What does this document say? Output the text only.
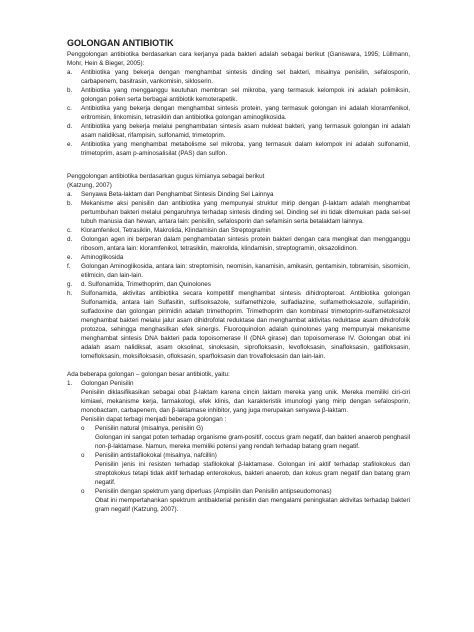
GOLONGAN ANTIBIOTIK

Penggolongan antibiotika berdasarkan cara kerjanya pada bakteri adalah sebagai berikut (Ganiswara, 1995; Lüllmann, Mohr, Hein & Bieger, 2005):

a.	Antibiotika yang bekerja dengan menghambat sintesis dinding sel bakteri, misalnya penisilin, sefalosporin, carbapenem, basitrasin, vankomisin, sikloserin.
b.	Antibiotika yang mengganggu keutuhan membran sel mikroba, yang termasuk kelompok ini adalah polimiksin, golongan polien serta berbagai antibiotik kemoterapetik.
c.	Antibiotika yang bekerja dengan menghambat sintesis protein, yang termasuk golongan ini adalah kloramfenikol, eritromisin, linkomisin, tetrasiklin dan antibiotika golongan aminoglikosida.
d.	Antibiotika yang bekerja melalui penghambatan sintesis asam nukleat bakteri, yang termasuk golongan ini adalah asam nalidiksat, rifampisin, sulfonamid, trimetoprim.
e.	Antibiotika yang menghambat metabolisme sel mikroba, yang termasuk dalam kelompok ini adalah sulfonamid, trimetoprim, asam p-aminosalisilat (PAS) dan sulfon.

Penggolongan antibiotika berdasarkan gugus kimianya sebagai berikut

(Katzung, 2007)

a.	Senyawa Beta-laktam dan Penghambat Sintesis Dinding Sel Lainnya
b.	Mekanisme aksi penisilin dan antibiotika yang mempunyai struktur mirip dengan β-laktam adalah menghambat pertumbuhan bakteri melalui pengaruhnya terhadap sintesis dinding sel. Dinding sel ini tidak ditemukan pada sel-sel tubuh manusia dan hewan, antara lain: penisilin, sefalosporin dan sefamisin serta betalaktam lainnya.
c.	Kloramfenikol, Tetrasiklin, Makrolida, Klindamisin dan Streptogramin
d.	Golongan agen ini berperan dalam penghambatan sintesis protein bakteri dengan cara mengikat dan mengganggu ribosom, antara lain: kloramfenikol, tetrasiklin, makrolida, klindamisin, streptogramin, oksazolidinon.
e.	Aminoglikosida
f.	Golongan Aminoglikosida, antara lain: streptomisin, neomisin, kanamisin, amikasin, gentamisin, tobramisin, sisomicin, etilmicin, dan lain-lain.
g.	d. Sulfonamida, Trimethoprim, dan Quinolones
h.	Sulfonamida, aktivitas antibiotika secara kompetitif menghambat sintesis dihidropteroat. Antibiotika golongan Sulfonamida, antara lain Sulfasitin, sulfisoksazole, sulfamethizole, sulfadiazine, sulfamethoksazole, sulfapiridin, sulfadoxine dan golongan pirimidin adalah trimethoprim. Trimethoprim dan kombinasi trimetoprim-sulfametoksazol menghambat bakteri melalui jalur asam dihidrofolat reduktase dan menghambat aktivitas reduktase asam dihidrofolik protozoa, sehingga menghasilkan efek sinergis. Fluoroquinolon adalah quinolones yang mempunyai mekanisme menghambat sintesis DNA bakteri pada topoisomerase II (DNA girase) dan topoisomerase IV. Golongan obat ini adalah asam nalidiksat, asam oksolinat, sinoksasin, siprofloksasin, levofloksasin, sinafloksasin, gatifloksasin, lomefloksasin, moksifloksasin, ofloksasin, sparfloksasin dan trovafloksasin dan lain-lain.

Ada beberapa golongan – golongan besar antibiotik, yaitu:

1.	Golongan Penisilin

Penisilin diklasifikasikan sebagai obat β-laktam karena cincin laktam mereka yang unik. Mereka memiliki ciri-ciri kimiawi, mekanisme kerja, farmakologi, efek klinis, dan karakteristik imunologi yang mirip dengan sefalosporin, monobactam, carbapenem, dan β-laktamase inhibitor, yang juga merupakan senyawa β-laktam.

Penisilin dapat terbagi menjadi beberapa golongan :

o	Penisilin natural (misalnya, penisilin G)

Golongan ini sangat poten terhadap organisme gram-positif, coccus gram negatif, dan bakteri anaerob penghasil non-β-laktamase. Namun, mereka memiliki potensi yang rendah terhadap batang gram negatif.

o	Penisilin antistafilokokal (misalnya, nafcillin)

Penisilin jenis ini resisten terhadap stafilokokal β-laktamase. Golongan ini aktif terhadap stafilokokus dan streptokokus tetapi tidak aktif terhadap enterokokus, bakteri anaerob, dan kokus gram negatif dan batang gram negatif.

o	Penisilin dengan spektrum yang diperluas (Ampisilin dan Penisilin antipseudomonas)

Obat ini mempertahankan spektrum antibakterial penisilin dan mengalami peningkatan aktivitas terhadap bakteri gram negatif (Katzung, 2007).
